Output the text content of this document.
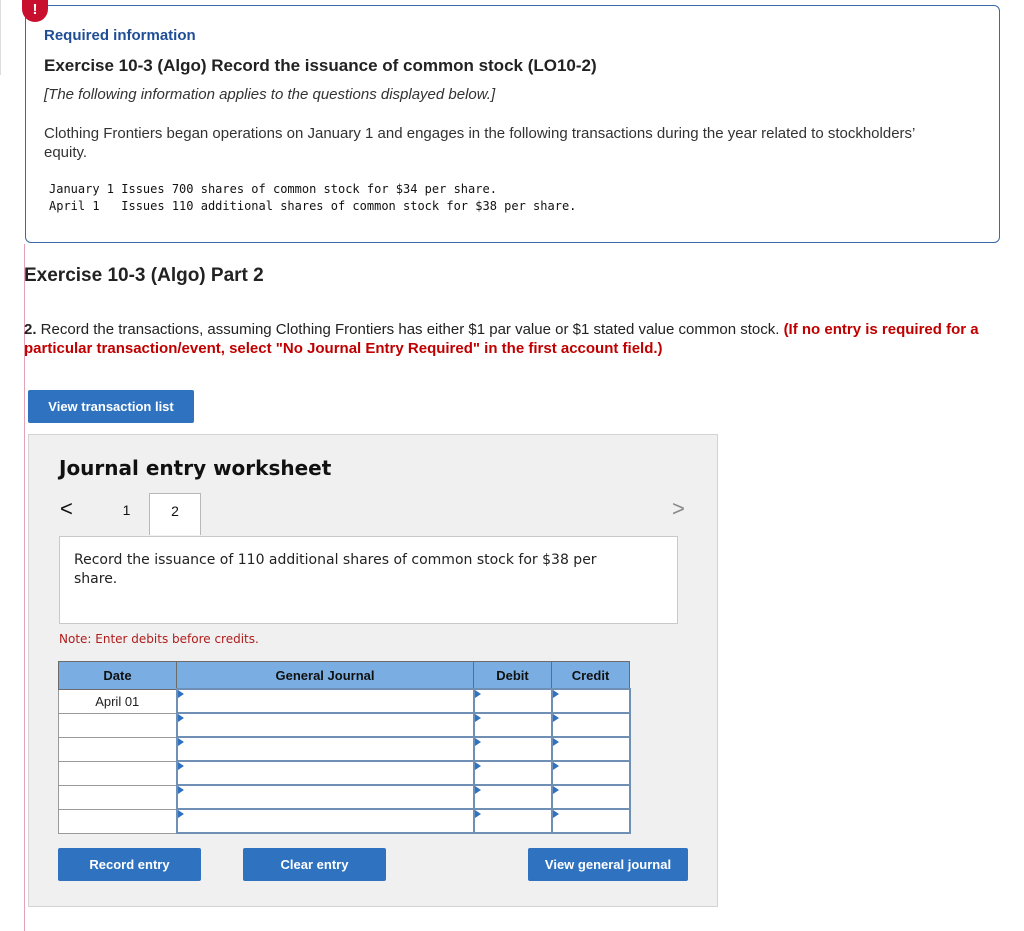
!
Required information
Exercise 10-3 (Algo) Record the issuance of common stock (LO10-2)
[The following information applies to the questions displayed below.]
Clothing Frontiers began operations on January 1 and engages in the following transactions during the year related to stockholders’ equity.
January 1 Issues 700 shares of common stock for $34 per share.
April 1   Issues 110 additional shares of common stock for $38 per share.
Exercise 10-3 (Algo) Part 2
2. Record the transactions, assuming Clothing Frontiers has either $1 par value or $1 stated value common stock. (If no entry is required for a particular transaction/event, select "No Journal Entry Required" in the first account field.)
View transaction list
Journal entry worksheet
<	1	2	>
Record the issuance of 110 additional shares of common stock for $38 per share.
Note: Enter debits before credits.
Date	General Journal	Debit	Credit
April 01			

Record entry	Clear entry	View general journal
